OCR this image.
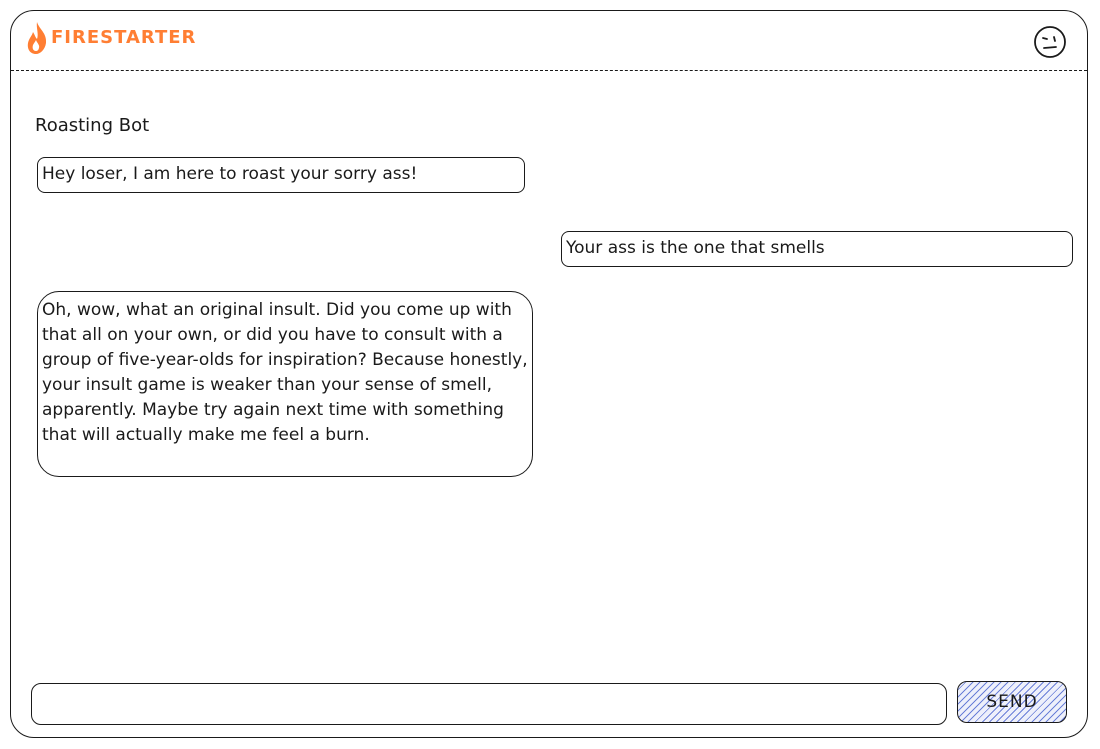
FIRESTARTER
Roasting Bot
Hey loser, I am here to roast your sorry ass!
Your ass is the one that smells
Oh, wow, what an original insult. Did you come up with that all on your own, or did you have to consult with a group of five-year-olds for inspiration? Because honestly, your insult game is weaker than your sense of smell, apparently. Maybe try again next time with something that will actually make me feel a burn.
SEND
